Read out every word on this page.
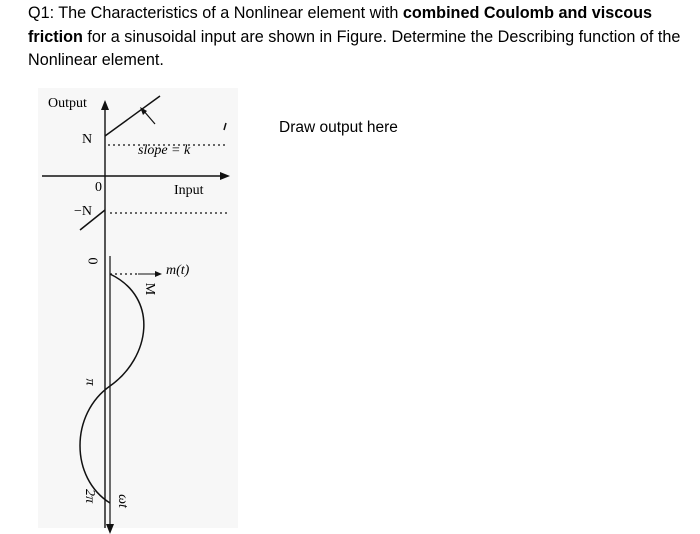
Q1: The Characteristics of a Nonlinear element with combined Coulomb and viscous friction for a sinusoidal input are shown in Figure. Determine the Describing function of the Nonlinear element.
Output
N
slope = k
0	Input
−N
0
m(t)
M
π
2π ωt
Draw output here
